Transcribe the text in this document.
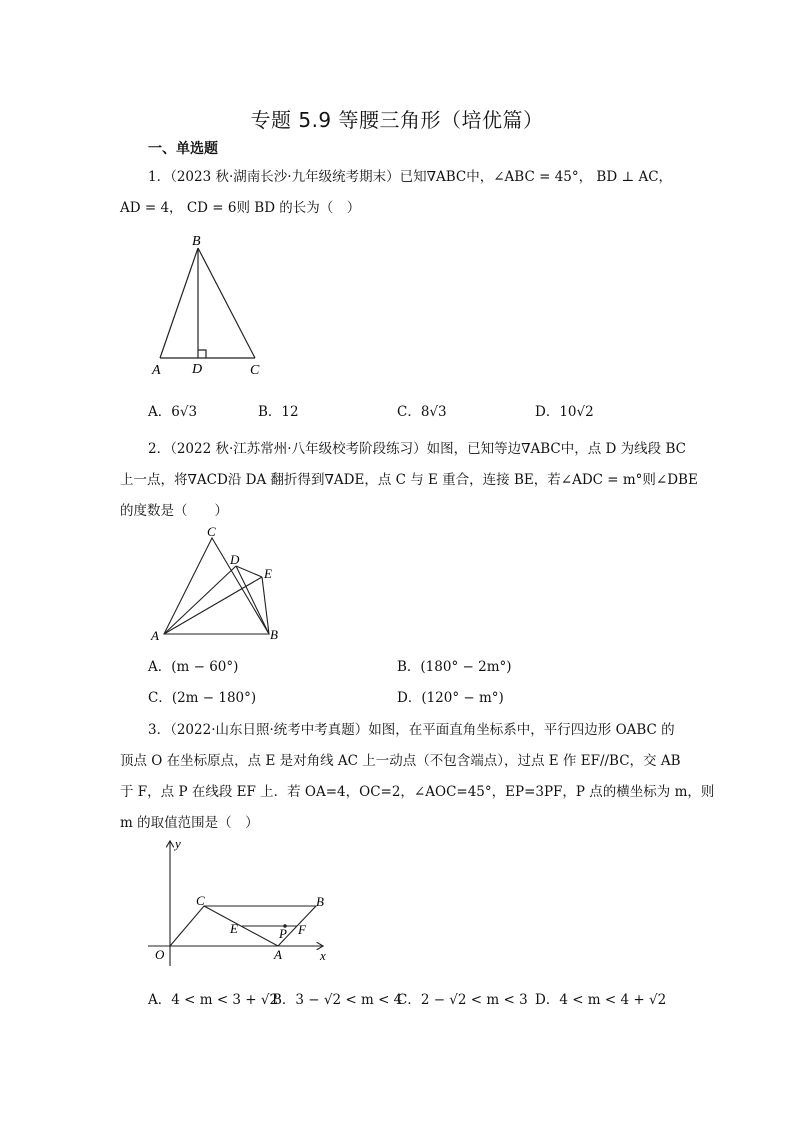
专题 5.9 等腰三角形（培优篇）
一、单选题
1．（2023 秋·湖南长沙·九年级统考期末）已知∇ABC中，∠ABC = 45°， BD ⊥ AC，
AD = 4， CD = 6则 BD 的长为（　）
B
A D	C
A．6√3	B．12	C．8√3	D．10√2
2．（2022 秋·江苏常州·八年级校考阶段练习）如图，已知等边∇ABC中，点 D 为线段 BC
上一点，将∇ACD沿 DA 翻折得到∇ADE，点 C 与 E 重合，连接 BE，若∠ADC = m°则∠DBE
的度数是（　　）
C
D
E
A	B
A．(m − 60°)	B．(180° − 2m°)
C．(2m − 180°)	D．(120° − m°)
3．（2022·山东日照·统考中考真题）如图，在平面直角坐标系中，平行四边形 OABC 的
顶点 O 在坐标原点，点 E 是对角线 AC 上一动点（不包含端点），过点 E 作 EF//BC，交 AB
于 F，点 P 在线段 EF 上．若 OA=4，OC=2，∠AOC=45°，EP=3PF，P 点的横坐标为 m，则
m 的取值范围是（　）
y
x
O
C	B
E	P F
A
A．4 < m < 3 + √2
B．3 − √2 < m < 4
C．2 − √2 < m < 3 D．4 < m < 4 + √2
